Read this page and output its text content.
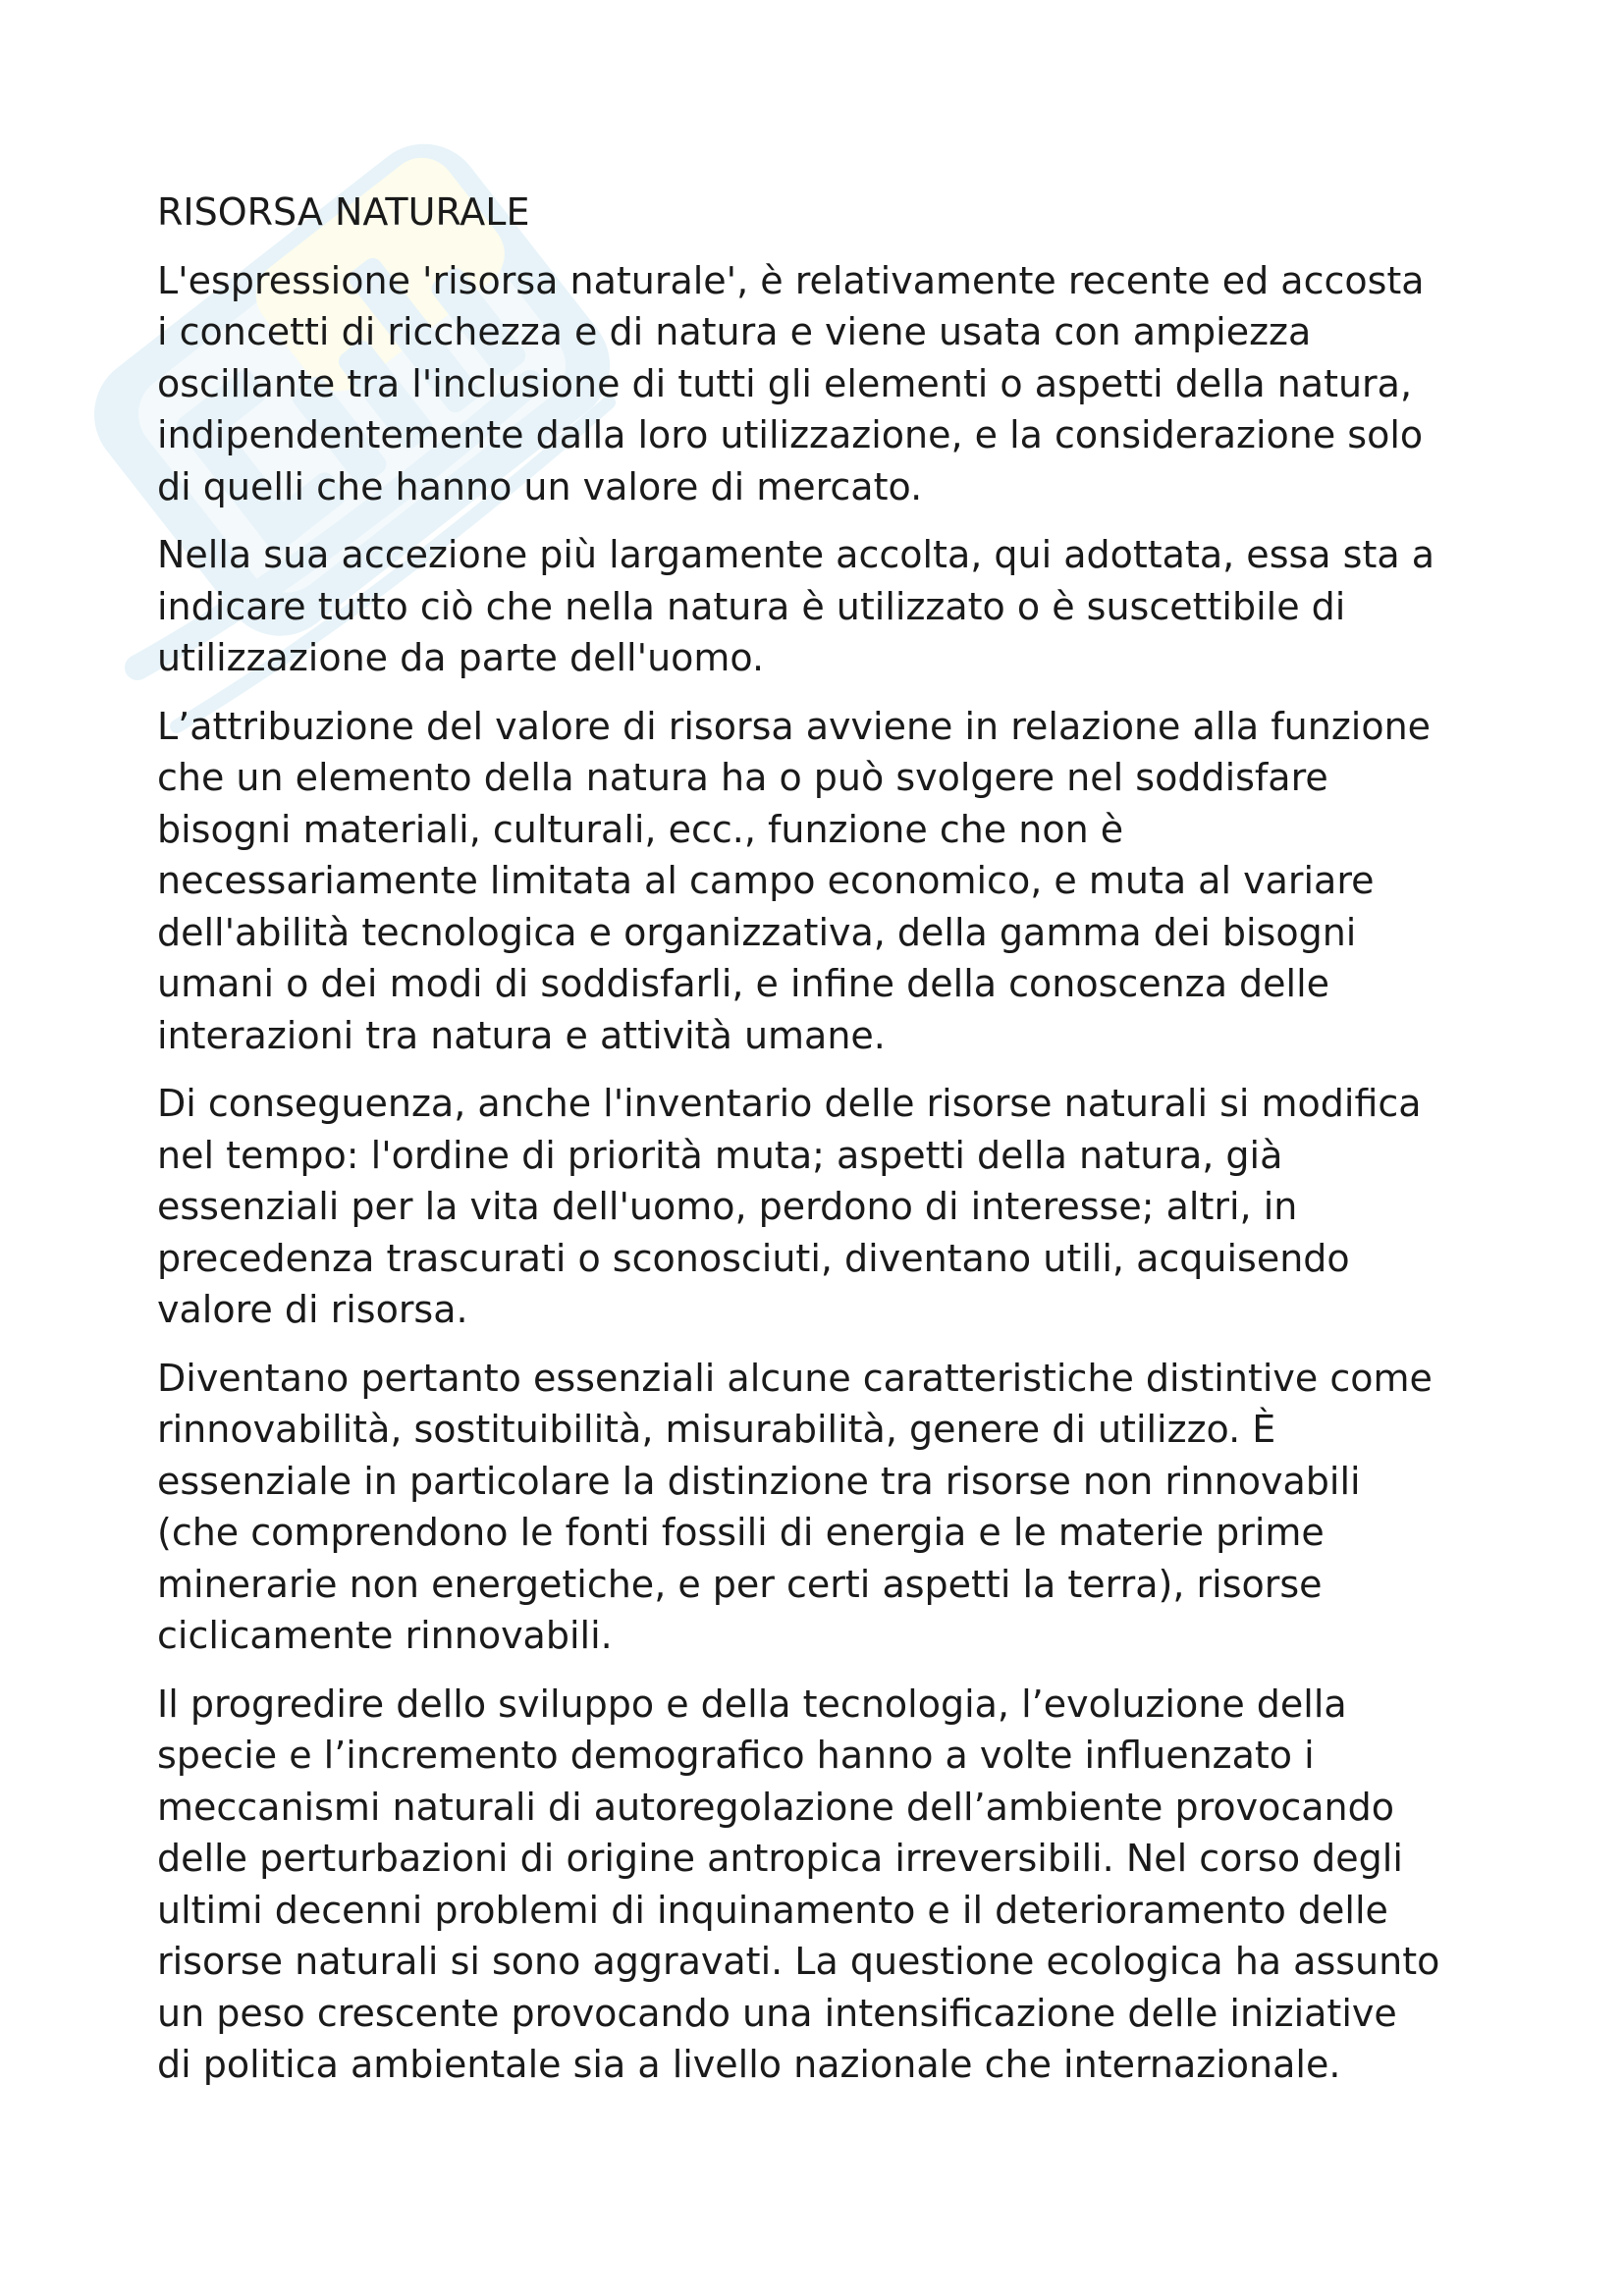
RISORSA NATURALE

L'espressione 'risorsa naturale', è relativamente recente ed accosta
i concetti di ricchezza e di natura e viene usata con ampiezza
oscillante tra l'inclusione di tutti gli elementi o aspetti della natura,
indipendentemente dalla loro utilizzazione, e la considerazione solo
di quelli che hanno un valore di mercato.

Nella sua accezione più largamente accolta, qui adottata, essa sta a
indicare tutto ciò che nella natura è utilizzato o è suscettibile di
utilizzazione da parte dell'uomo.

L’attribuzione del valore di risorsa avviene in relazione alla funzione
che un elemento della natura ha o può svolgere nel soddisfare
bisogni materiali, culturali, ecc., funzione che non è
necessariamente limitata al campo economico, e muta al variare
dell'abilità tecnologica e organizzativa, della gamma dei bisogni
umani o dei modi di soddisfarli, e infine della conoscenza delle
interazioni tra natura e attività umane.

Di conseguenza, anche l'inventario delle risorse naturali si modifica
nel tempo: l'ordine di priorità muta; aspetti della natura, già
essenziali per la vita dell'uomo, perdono di interesse; altri, in
precedenza trascurati o sconosciuti, diventano utili, acquisendo
valore di risorsa.

Diventano pertanto essenziali alcune caratteristiche distintive come
rinnovabilità, sostituibilità, misurabilità, genere di utilizzo. È
essenziale in particolare la distinzione tra risorse non rinnovabili
(che comprendono le fonti fossili di energia e le materie prime
minerarie non energetiche, e per certi aspetti la terra), risorse
ciclicamente rinnovabili.

Il progredire dello sviluppo e della tecnologia, l’evoluzione della
specie e l’incremento demografico hanno a volte influenzato i
meccanismi naturali di autoregolazione dell’ambiente provocando
delle perturbazioni di origine antropica irreversibili. Nel corso degli
ultimi decenni problemi di inquinamento e il deterioramento delle
risorse naturali si sono aggravati. La questione ecologica ha assunto
un peso crescente provocando una intensificazione delle iniziative
di politica ambientale sia a livello nazionale che internazionale.
